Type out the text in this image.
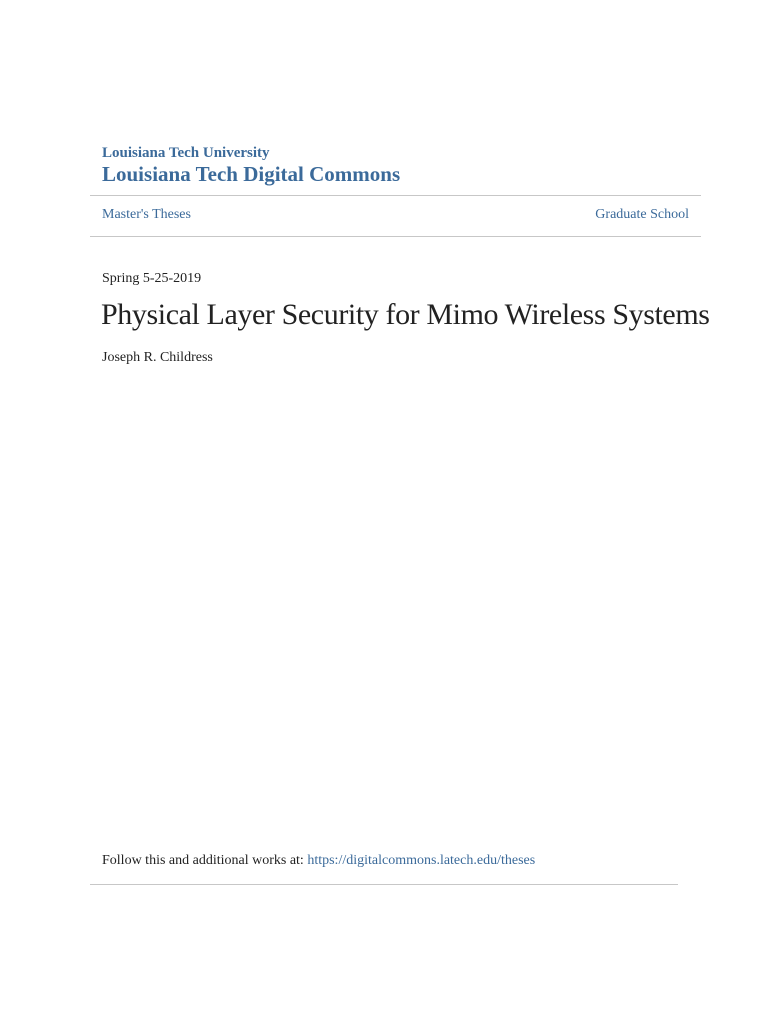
Louisiana Tech University
Louisiana Tech Digital Commons
Master's Theses	Graduate School
Spring 5-25-2019
Physical Layer Security for Mimo Wireless Systems
Joseph R. Childress
Follow this and additional works at: https://digitalcommons.latech.edu/theses
